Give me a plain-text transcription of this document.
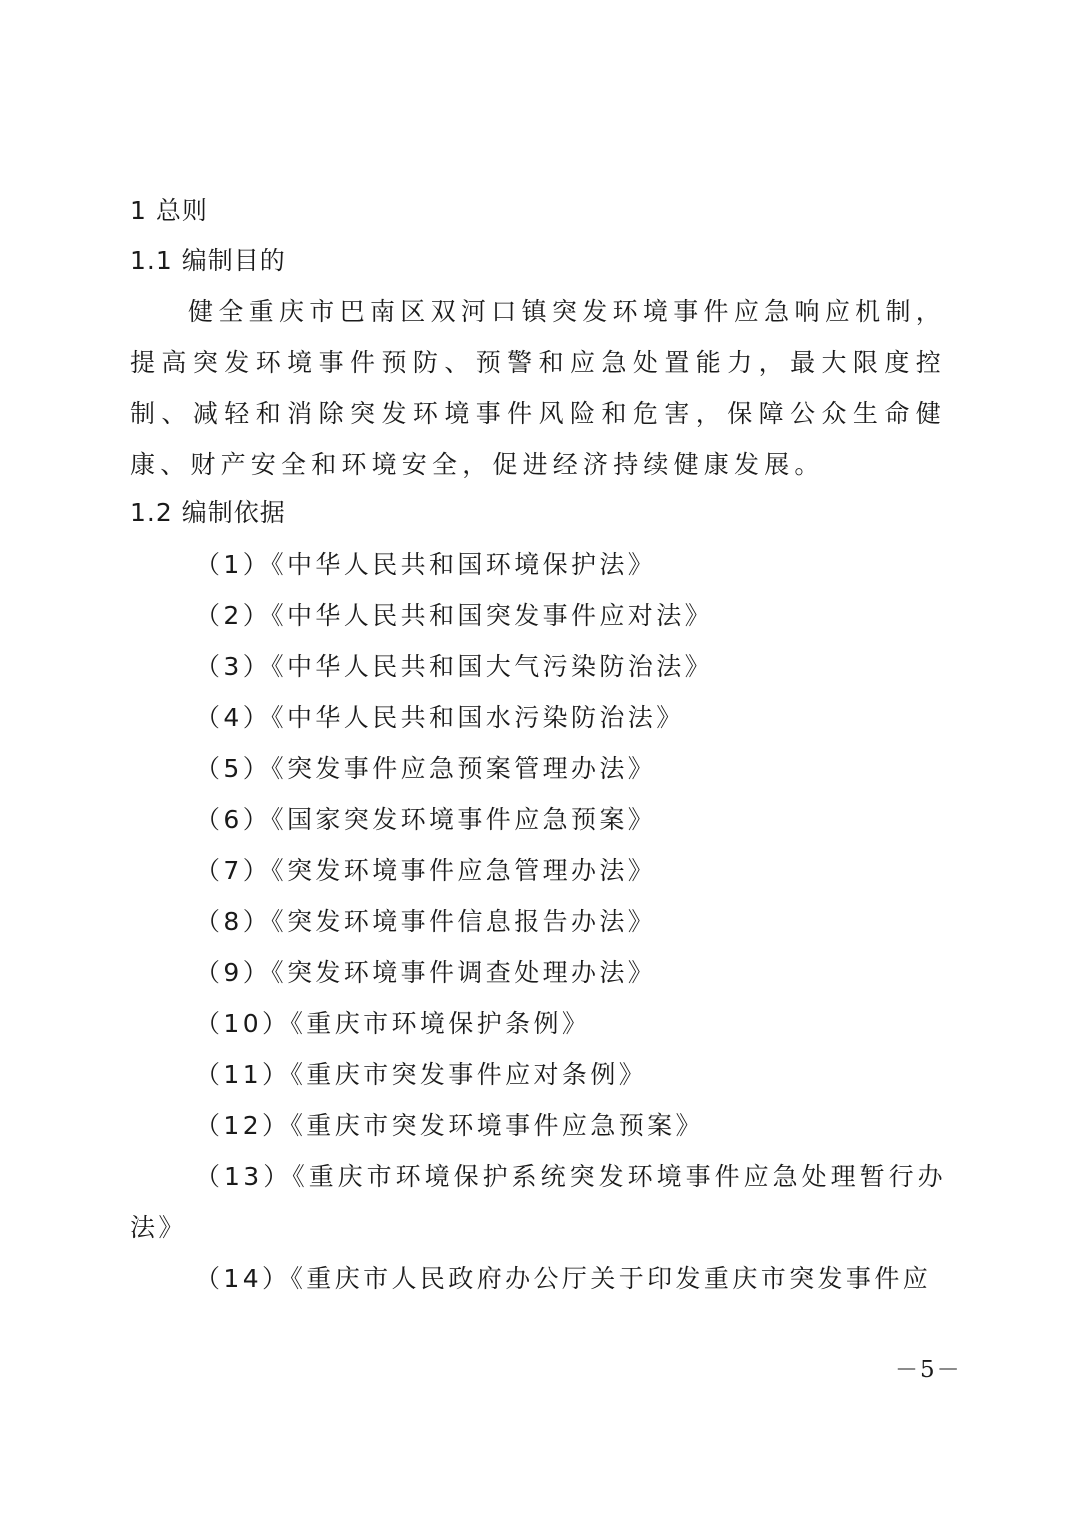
1 总则
1.1 编制目的

健全重庆市巴南区双河口镇突发环境事件应急响应机制，提高突发环境事件预防、预警和应急处置能力，最大限度控制、减轻和消除突发环境事件风险和危害，保障公众生命健康、财产安全和环境安全，促进经济持续健康发展。

1.2 编制依据
（1）《中华人民共和国环境保护法》
（2）《中华人民共和国突发事件应对法》
（3）《中华人民共和国大气污染防治法》
（4）《中华人民共和国水污染防治法》
（5）《突发事件应急预案管理办法》
（6）《国家突发环境事件应急预案》
（7）《突发环境事件应急管理办法》
（8）《突发环境事件信息报告办法》
（9）《突发环境事件调查处理办法》
（10）《重庆市环境保护条例》
（11）《重庆市突发事件应对条例》
（12）《重庆市突发环境事件应急预案》
（13）《重庆市环境保护系统突发环境事件应急处理暂行办法》
（14）《重庆市人民政府办公厅关于印发重庆市突发事件应
－5－
